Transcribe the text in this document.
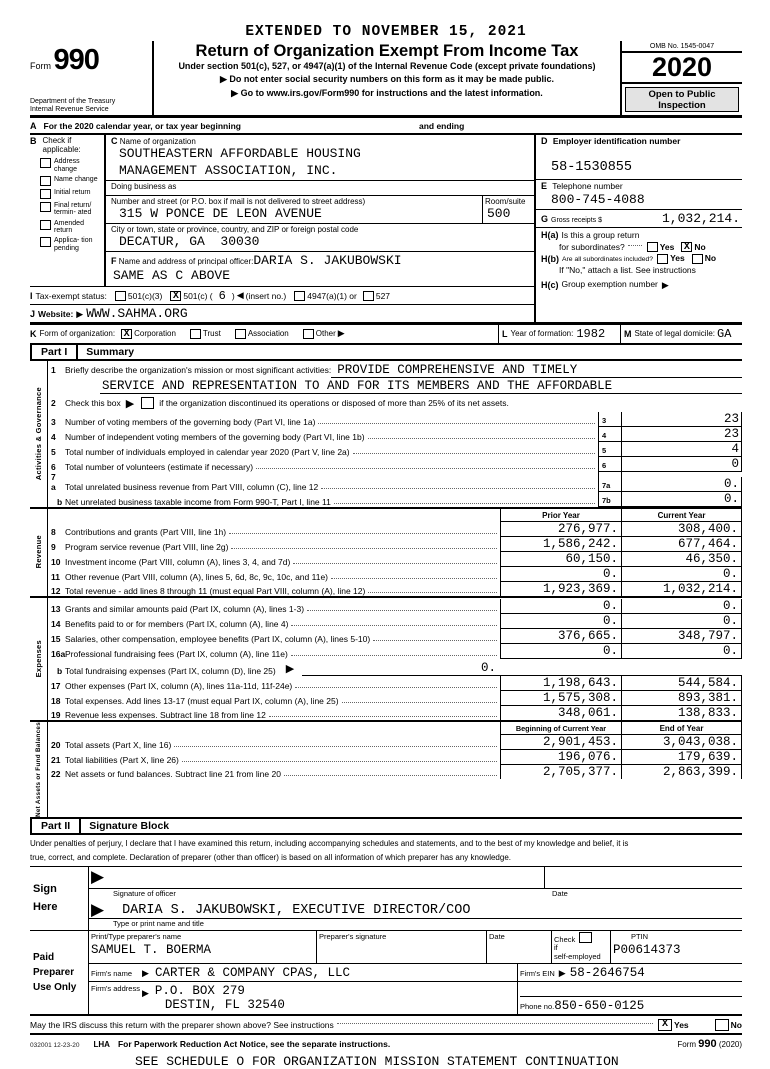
EXTENDED TO NOVEMBER 15, 2021
Form 990
Department of the Treasury
Internal Revenue Service
Return of Organization Exempt From Income Tax
Under section 501(c), 527, or 4947(a)(1) of the Internal Revenue Code (except private foundations)
▶ Do not enter social security numbers on this form as it may be made public.
▶ Go to www.irs.gov/Form990 for instructions and the latest information.
OMB No. 1545-0047
2020
Open to Public
Inspection
A For the 2020 calendar year, or tax year beginning	and ending
B Check if applicable:
Address change
Name change
Initial return
Final return/ termin- ated
Amended return
Applica- tion pending
C Name of organization
SOUTHEASTERN AFFORDABLE HOUSING
MANAGEMENT ASSOCIATION, INC.
Doing business as
Number and street (or P.O. box if mail is not delivered to street address)
315 W PONCE DE LEON AVENUE
Room/suite
500
City or town, state or province, country, and ZIP or foreign postal code
DECATUR, GA  30030
F Name and address of principal officer: DARIA S. JAKUBOWSKI
SAME AS C ABOVE
I Tax-exempt status: 501(c)(3) X 501(c) ( 6 ) ◀ (insert no.) 4947(a)(1) or 527
J Website: ▶ WWW.SAHMA.ORG
D Employer identification number
58-1530855
E Telephone number
800-745-4088
G Gross receipts $	1,032,214.
H(a) Is this a group return
for subordinates?	Yes X No
H(b) Are all subordinates included? Yes No
If "No," attach a list. See instructions
H(c) Group exemption number ▶
K Form of organization: X Corporation	Trust	Association	Other ▶	L Year of formation: 1982 M State of legal domicile: GA
Part I	Summary
Activities & Governance
1	Briefly describe the organization's mission or most significant activities: PROVIDE COMPREHENSIVE AND TIMELY
SERVICE AND REPRESENTATION TO AND FOR ITS MEMBERS AND THE AFFORDABLE
2	Check this box ▶	if the organization discontinued its operations or disposed of more than 25% of its net assets.
3	Number of voting members of the governing body (Part VI, line 1a)	3	23
4	Number of independent voting members of the governing body (Part VI, line 1b)	4	23
5	Total number of individuals employed in calendar year 2020 (Part V, line 2a)	5	4
6	Total number of volunteers (estimate if necessary)	6	0
7 a Total unrelated business revenue from Part VIII, column (C), line 12	7a	0.
b Net unrelated business taxable income from Form 990-T, Part I, line 11	7b	0.
Revenue
Prior Year	Current Year
8	Contributions and grants (Part VIII, line 1h)	276,977.	308,400.
9	Program service revenue (Part VIII, line 2g)	1,586,242.	677,464.
10 Investment income (Part VIII, column (A), lines 3, 4, and 7d)	60,150.	46,350.
11 Other revenue (Part VIII, column (A), lines 5, 6d, 8c, 9c, 10c, and 11e)	0.	0.
12 Total revenue - add lines 8 through 11 (must equal Part VIII, column (A), line 12)	1,923,369.	1,032,214.
Expenses
13 Grants and similar amounts paid (Part IX, column (A), lines 1-3)	0.	0.
14 Benefits paid to or for members (Part IX, column (A), line 4)	0.	0.
15 Salaries, other compensation, employee benefits (Part IX, column (A), lines 5-10)	376,665.	348,797.
16a Professional fundraising fees (Part IX, column (A), line 11e)	0.	0.
b Total fundraising expenses (Part IX, column (D), line 25) ▶	0.
17 Other expenses (Part IX, column (A), lines 11a-11d, 11f-24e)	1,198,643.	544,584.
18 Total expenses. Add lines 13-17 (must equal Part IX, column (A), line 25)	1,575,308.	893,381.
19 Revenue less expenses. Subtract line 18 from line 12	348,061.	138,833.
Net Assets or Fund Balances	Beginning of Current Year	End of Year
20 Total assets (Part X, line 16)	2,901,453.	3,043,038.
21 Total liabilities (Part X, line 26)	196,076.	179,639.
22 Net assets or fund balances. Subtract line 21 from line 20	2,705,377.	2,863,399.
Part II	Signature Block
Under penalties of perjury, I declare that I have examined this return, including accompanying schedules and statements, and to the best of my knowledge and belief, it is
true, correct, and complete. Declaration of preparer (other than officer) is based on all information of which preparer has any knowledge.
Sign
Here
▶
Signature of officer	Date
▶	DARIA S. JAKUBOWSKI, EXECUTIVE DIRECTOR/COO
Type or print name and title
Paid
Preparer
Use Only
Print/Type preparer's name
SAMUEL T. BOERMA
Preparer's signature	Date	Check
if
self-employed
PTIN
P00614373
Firm's name ▶ CARTER & COMPANY CPAS, LLC	Firm's EIN ▶ 58-2646754
Firm's address ▶ P.O. BOX 279
DESTIN, FL 32540	Phone no. 850-650-0125
May the IRS discuss this return with the preparer shown above? See instructions	X Yes	No
032001 12-23-20 LHA For Paperwork Reduction Act Notice, see the separate instructions.	Form 990 (2020)
SEE SCHEDULE O FOR ORGANIZATION MISSION STATEMENT CONTINUATION
